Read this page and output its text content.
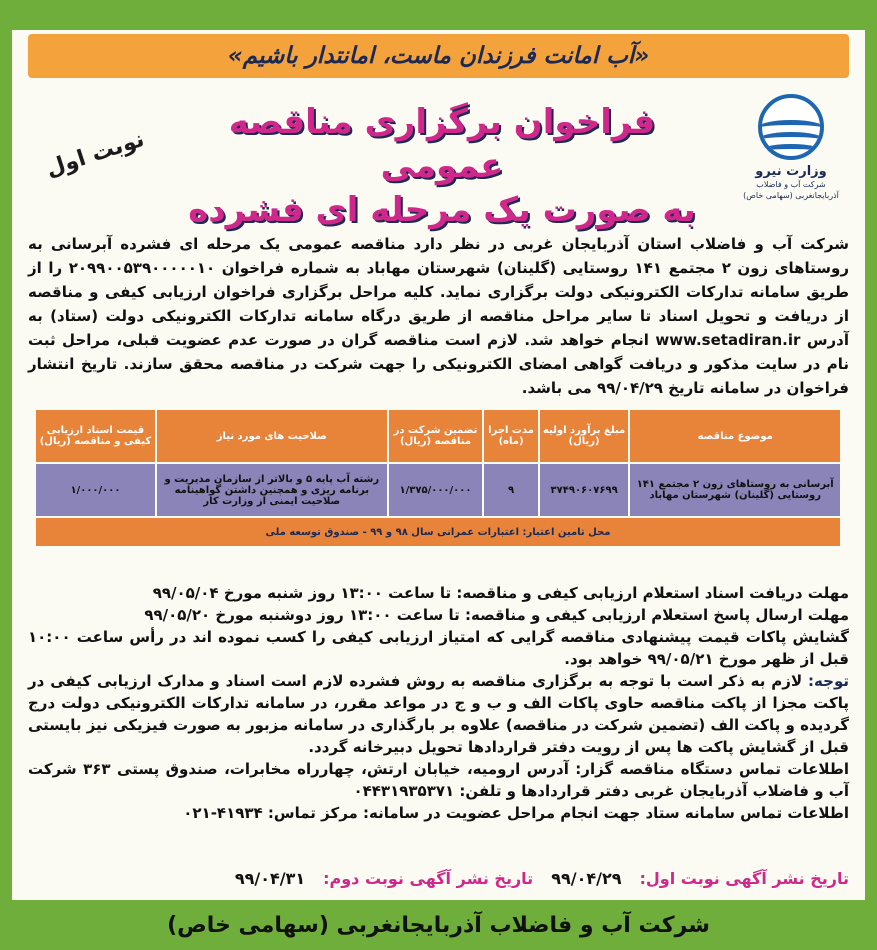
«آب امانت فرزندان ماست، امانتدار باشیم»
وزارت نیرو
شرکت آب و فاضلاب آذربایجانغربی (سهامی خاص)
فراخوان برگزاری مناقصه عمومی
به صورت یک مرحله ای فشرده
نوبت اول
شرکت آب و فاضلاب استان آذربایجان غربی در نظر دارد مناقصه عمومی یک مرحله ای فشرده آبرسانی به روستاهای زون ۲ مجتمع ۱۴۱ روستایی (گلینان) شهرستان مهاباد به شماره فراخوان ۲۰۹۹۰۰۵۳۹۰۰۰۰۰۱۰ را از طریق سامانه تدارکات الکترونیکی دولت برگزاری نماید. کلیه مراحل برگزاری فراخوان ارزیابی کیفی و مناقصه از دریافت و تحویل اسناد تا سایر مراحل مناقصه از طریق درگاه سامانه تدارکات الکترونیکی دولت (ستاد) به آدرس www.setadiran.ir انجام خواهد شد. لازم است مناقصه گران در صورت عدم عضویت قبلی، مراحل ثبت نام در سایت مذکور و دریافت گواهی امضای الکترونیکی را جهت شرکت در مناقصه محقق سازند. تاریخ انتشار فراخوان در سامانه تاریخ ۹۹/۰۴/۲۹ می باشد.
موضوع مناقصه	مبلغ برآورد اولیه (ریال)	مدت اجرا (ماه)	تضمین شرکت در مناقصه (ریال)	صلاحیت های مورد نیاز	قیمت اسناد ارزیابی کیفی و مناقصه (ریال)
آبرسانی به روستاهای زون ۲ مجتمع ۱۴۱ روستایی (گلینان) شهرستان مهاباد	۳۷۴۹۰۶۰۷۶۹۹	۹	۱/۳۷۵/۰۰۰/۰۰۰	رشته آب پایه ۵ و بالاتر از سازمان مدیریت و برنامه ریزی و همچنین داشتن گواهینامه صلاحیت ایمنی از وزارت کار	۱/۰۰۰/۰۰۰
محل تامین اعتبار: اعتبارات عمرانی سال ۹۸ و ۹۹ - صندوق توسعه ملی					

مهلت دریافت اسناد استعلام ارزیابی کیفی و مناقصه: تا ساعت ۱۳:۰۰ روز شنبه مورخ ۹۹/۰۵/۰۴

مهلت ارسال پاسخ استعلام ارزیابی کیفی و مناقصه: تا ساعت ۱۳:۰۰ روز دوشنبه مورخ ۹۹/۰۵/۲۰

گشایش پاکات قیمت پیشنهادی مناقصه گرایی که امتیاز ارزیابی کیفی را کسب نموده اند در رأس ساعت ۱۰:۰۰ قبل از ظهر مورخ ۹۹/۰۵/۲۱ خواهد بود.

توجه: لازم به ذکر است با توجه به برگزاری مناقصه به روش فشرده لازم است اسناد و مدارک ارزیابی کیفی در پاکت مجزا از پاکت مناقصه حاوی پاکات الف و ب و ج در مواعد مقرر، در سامانه تدارکات الکترونیکی دولت درج گردیده و پاکت الف (تضمین شرکت در مناقصه) علاوه بر بارگذاری در سامانه مزبور به صورت فیزیکی نیز بایستی قبل از گشایش پاکت ها پس از رویت دفتر قراردادها تحویل دبیرخانه گردد.

اطلاعات تماس دستگاه مناقصه گزار: آدرس ارومیه، خیابان ارتش، چهارراه مخابرات، صندوق پستی ۳۶۳ شرکت آب و فاضلاب آذربایجان غربی دفتر قراردادها و تلفن: ۰۴۴۳۱۹۳۵۳۷۱

اطلاعات تماس سامانه ستاد جهت انجام مراحل عضویت در سامانه: مرکز تماس: ۴۱۹۳۴-۰۲۱

تاریخ نشر آگهی نوبت اول:
۹۹/۰۴/۲۹
تاریخ نشر آگهی نوبت دوم:
۹۹/۰۴/۳۱
شرکت آب و فاضلاب آذربایجانغربی (سهامی خاص)
